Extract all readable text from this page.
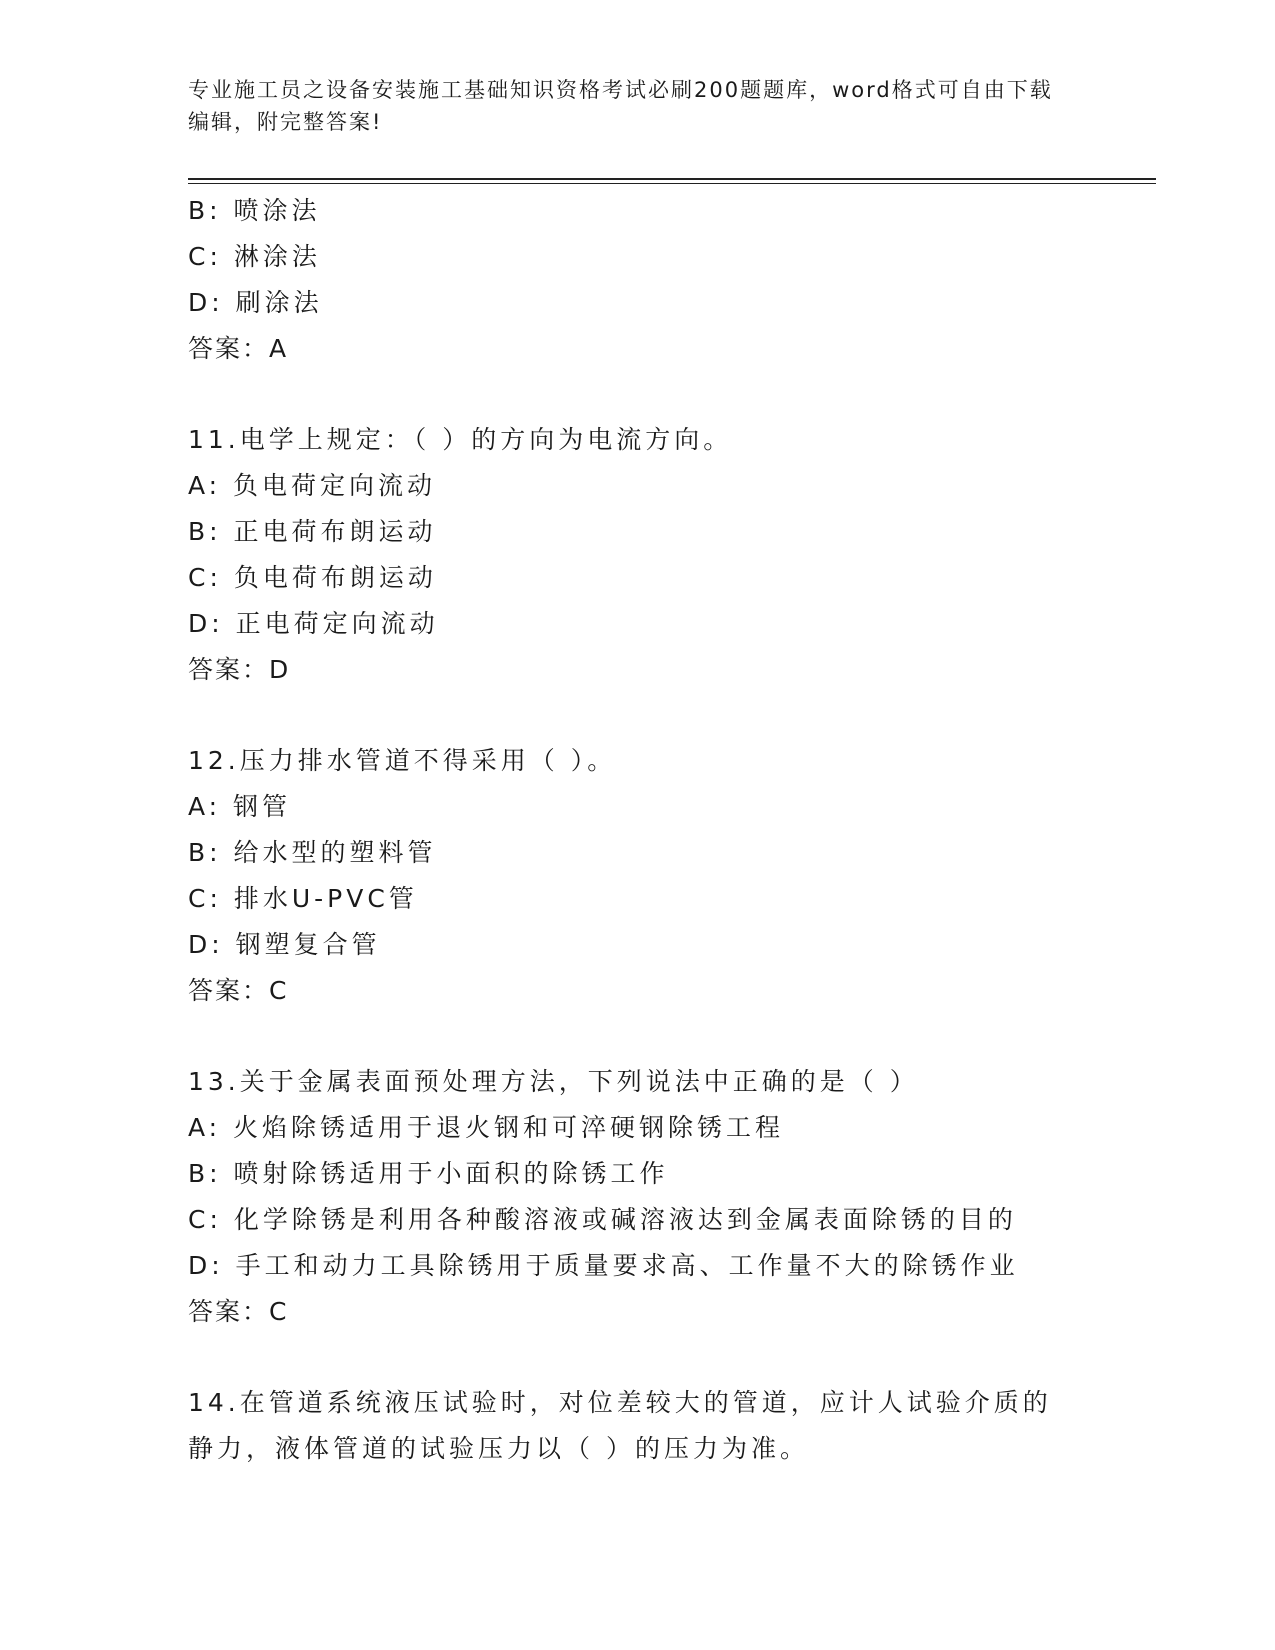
专业施工员之设备安装施工基础知识资格考试必刷200题题库，word格式可自由下载编辑，附完整答案!
B: 喷涂法
C: 淋涂法
D: 刷涂法
答案：A
11.电学上规定：（ ）的方向为电流方向。
A: 负电荷定向流动
B: 正电荷布朗运动
C: 负电荷布朗运动
D: 正电荷定向流动
答案：D
12.压力排水管道不得采用（ ）。
A: 钢管
B: 给水型的塑料管
C: 排水U-PVC管
D: 钢塑复合管
答案：C
13.关于金属表面预处理方法，下列说法中正确的是（ ）
A: 火焰除锈适用于退火钢和可淬硬钢除锈工程
B: 喷射除锈适用于小面积的除锈工作
C: 化学除锈是利用各种酸溶液或碱溶液达到金属表面除锈的目的
D: 手工和动力工具除锈用于质量要求高、工作量不大的除锈作业
答案：C
14.在管道系统液压试验时，对位差较大的管道，应计人试验介质的静力，液体管道的试验压力以（ ）的压力为准。
